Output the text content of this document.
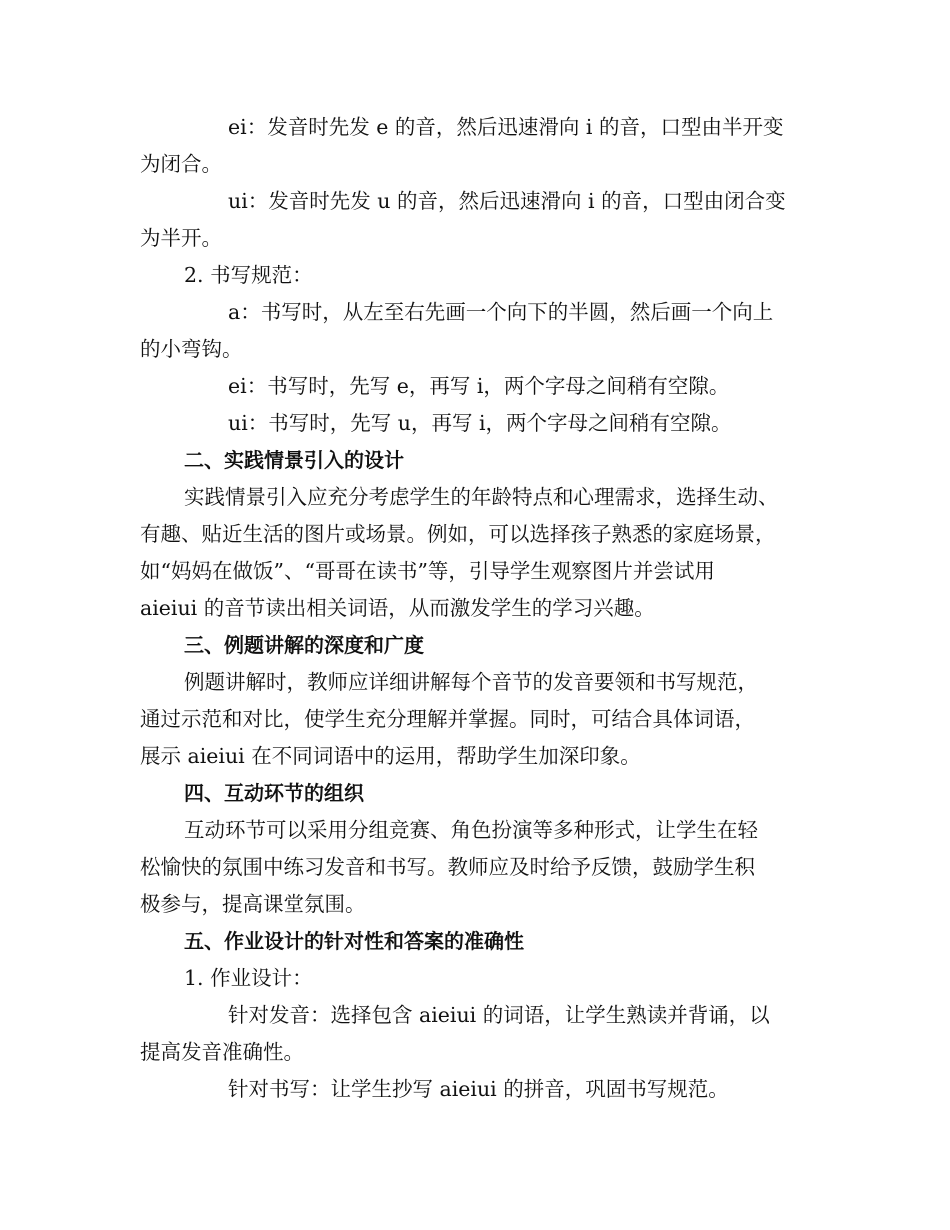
ei：发音时先发 e 的音，然后迅速滑向 i 的音，口型由半开变
为闭合。
ui：发音时先发 u 的音，然后迅速滑向 i 的音，口型由闭合变
为半开。
2. 书写规范：
a：书写时，从左至右先画一个向下的半圆，然后画一个向上
的小弯钩。
ei：书写时，先写 e，再写 i，两个字母之间稍有空隙。
ui：书写时，先写 u，再写 i，两个字母之间稍有空隙。
二、实践情景引入的设计
实践情景引入应充分考虑学生的年龄特点和心理需求，选择生动、
有趣、贴近生活的图片或场景。例如，可以选择孩子熟悉的家庭场景，
如“妈妈在做饭”、“哥哥在读书”等，引导学生观察图片并尝试用
aieiui 的音节读出相关词语，从而激发学生的学习兴趣。
三、例题讲解的深度和广度
例题讲解时，教师应详细讲解每个音节的发音要领和书写规范，
通过示范和对比，使学生充分理解并掌握。同时，可结合具体词语，
展示 aieiui 在不同词语中的运用，帮助学生加深印象。
四、互动环节的组织
互动环节可以采用分组竞赛、角色扮演等多种形式，让学生在轻
松愉快的氛围中练习发音和书写。教师应及时给予反馈，鼓励学生积
极参与，提高课堂氛围。
五、作业设计的针对性和答案的准确性
1. 作业设计：
针对发音：选择包含 aieiui 的词语，让学生熟读并背诵，以
提高发音准确性。
针对书写：让学生抄写 aieiui 的拼音，巩固书写规范。
